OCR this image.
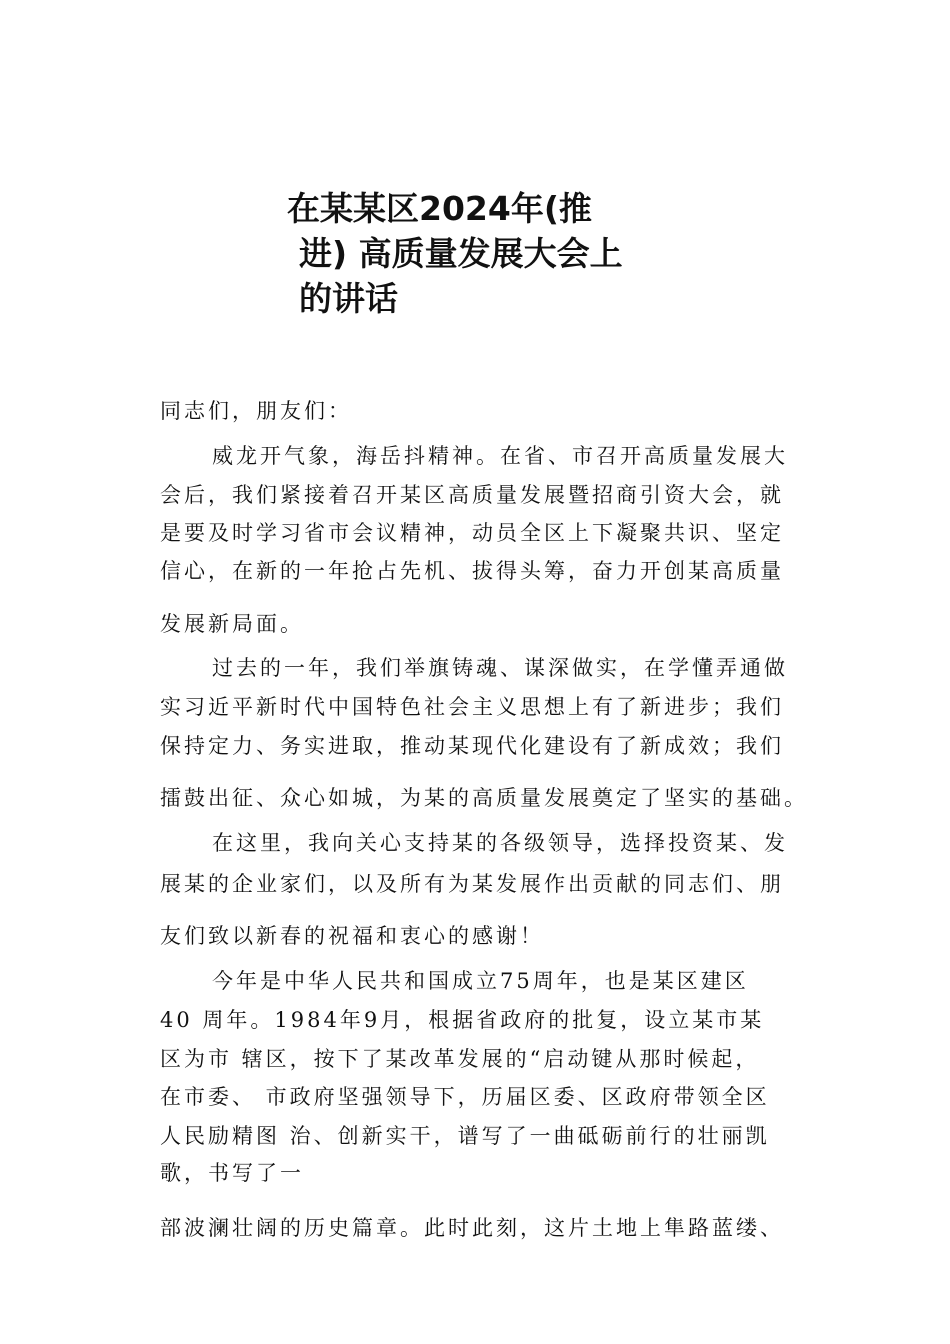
在某某区2024年(推
进) 高质量发展大会上
的讲话
同志们，朋友们：
威龙开气象，海岳抖精神。在省、市召开高质量发展大
会后，我们紧接着召开某区高质量发展暨招商引资大会，就
是要及时学习省市会议精神，动员全区上下凝聚共识、坚定
信心，在新的一年抢占先机、拔得头筹，奋力开创某高质量
发展新局面。
过去的一年，我们举旗铸魂、谋深做实，在学懂弄通做
实习近平新时代中国特色社会主义思想上有了新进步；我们
保持定力、务实进取，推动某现代化建设有了新成效；我们
擂鼓出征、众心如城，为某的高质量发展奠定了坚实的基础。
在这里，我向关心支持某的各级领导，选择投资某、发
展某的企业家们，以及所有为某发展作出贡献的同志们、朋
友们致以新春的祝福和衷心的感谢！
今年是中华人民共和国成立75周年，也是某区建区
40 周年。1984年9月，根据省政府的批复，设立某市某
区为市 辖区，按下了某改革发展的“启动键从那时候起，
在市委、 市政府坚强领导下，历届区委、区政府带领全区
人民励精图 治、创新实干，谱写了一曲砥砺前行的壮丽凯
歌，书写了一
部波澜壮阔的历史篇章。此时此刻，这片土地上隼路蓝缕、
